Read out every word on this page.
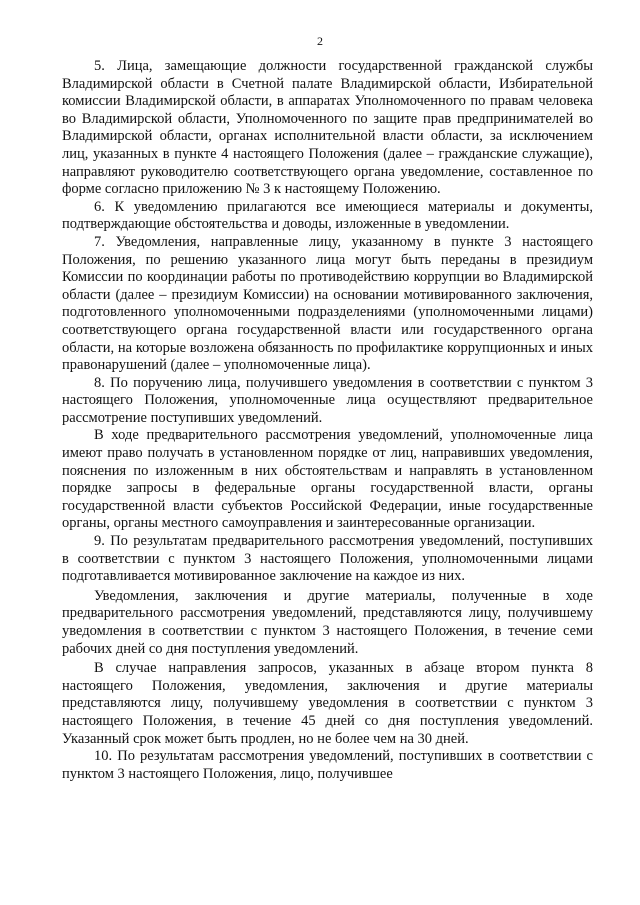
2

5. Лица, замещающие должности государственной гражданской службы Владимирской области в Счетной палате Владимирской области, Избирательной комиссии Владимирской области, в аппаратах Уполномоченного по правам человека во Владимирской области, Уполномоченного по защите прав предпринимателей во Владимирской области, органах исполнительной власти области, за исключением лиц, указанных в пункте 4 настоящего Положения (далее – гражданские служащие), направляют руководителю соответствующего органа уведомление, составленное по форме согласно приложению № 3 к настоящему Положению.

6. К уведомлению прилагаются все имеющиеся материалы и документы, подтверждающие обстоятельства и доводы, изложенные в уведомлении.

7. Уведомления, направленные лицу, указанному в пункте 3 настоящего Положения, по решению указанного лица могут быть переданы в президиум Комиссии по координации работы по противодействию коррупции во Владимирской области (далее – президиум Комиссии) на основании мотивированного заключения, подготовленного уполномоченными подразделениями (уполномоченными лицами) соответствующего органа государственной власти или государственного органа области, на которые возложена обязанность по профилактике коррупционных и иных правонарушений (далее – уполномоченные лица).

8. По поручению лица, получившего уведомления в соответствии с пунктом 3 настоящего Положения, уполномоченные лица осуществляют предварительное рассмотрение поступивших уведомлений.

В ходе предварительного рассмотрения уведомлений, уполномоченные лица имеют право получать в установленном порядке от лиц, направивших уведомления, пояснения по изложенным в них обстоятельствам и направлять в установленном порядке запросы в федеральные органы государственной власти, органы государственной власти субъектов Российской Федерации, иные государственные органы, органы местного самоуправления и заинтересованные организации.

9. По результатам предварительного рассмотрения уведомлений, поступивших в соответствии с пунктом 3 настоящего Положения, уполномоченными лицами подготавливается мотивированное заключение на каждое из них.

Уведомления, заключения и другие материалы, полученные в ходе предварительного рассмотрения уведомлений, представляются лицу, получившему уведомления в соответствии с пунктом 3 настоящего Положения, в течение семи рабочих дней со дня поступления уведомлений.

В случае направления запросов, указанных в абзаце втором пункта 8 настоящего Положения, уведомления, заключения и другие материалы представляются лицу, получившему уведомления в соответствии с пунктом 3 настоящего Положения, в течение 45 дней со дня поступления уведомлений. Указанный срок может быть продлен, но не более чем на 30 дней.

10. По результатам рассмотрения уведомлений, поступивших в соответствии с пунктом 3 настоящего Положения, лицо, получившее
